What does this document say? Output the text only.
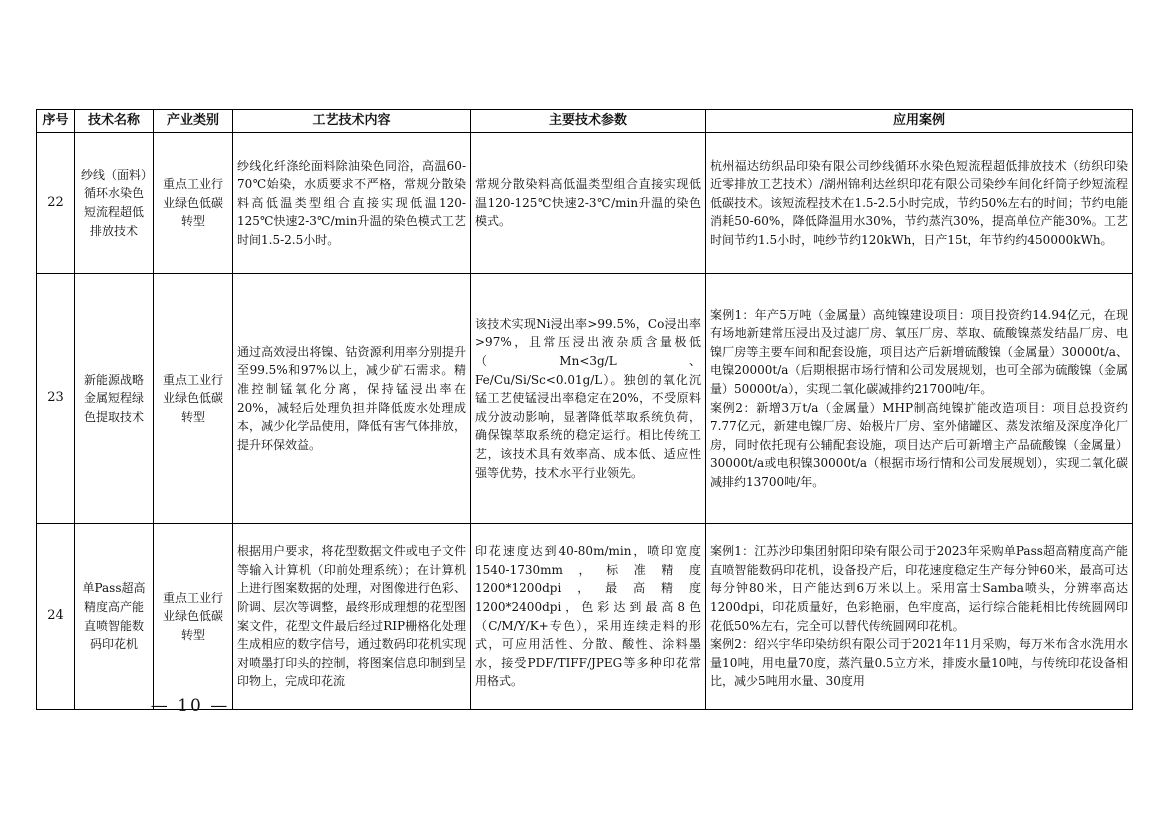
序号	技术名称	产业类别	工艺技术内容	主要技术参数	应用案例
22	纱线（面料）循环水染色短流程超低排放技术	重点工业行业绿色低碳转型	纱线化纤涤纶面料除油染色同浴，高温60-70℃始染，水质要求不严格，常规分散染料高低温类型组合直接实现低温120-125℃快速2-3℃/min升温的染色模式工艺时间1.5-2.5小时。	常规分散染料高低温类型组合直接实现低温120-125℃快速2-3℃/min升温的染色模式。	杭州福达纺织品印染有限公司纱线循环水染色短流程超低排放技术（纺织印染近零排放工艺技术）/湖州锦利达丝织印花有限公司染纱车间化纤筒子纱短流程低碳技术。该短流程技术在1.5-2.5小时完成，节约50%左右的时间；节约电能消耗50-60%，降低降温用水30%，节约蒸汽30%，提高单位产能30%。工艺时间节约1.5小时，吨纱节约120kWh，日产15t，年节约约450000kWh。

23	新能源战略金属短程绿色提取技术	重点工业行业绿色低碳转型	通过高效浸出将镍、钴资源利用率分别提升至99.5%和97%以上，减少矿石需求。精准控制锰氧化分离，保持锰浸出率在20%，减轻后处理负担并降低废水处理成本，减少化学品使用，降低有害气体排放，提升环保效益。	该技术实现Ni浸出率>99.5%，Co浸出率>97%，且常压浸出液杂质含量极低（Mn<3g/L、Fe/Cu/Si/Sc<0.01g/L）。独创的氧化沉锰工艺使锰浸出率稳定在20%，不受原料成分波动影响，显著降低萃取系统负荷，确保镍萃取系统的稳定运行。相比传统工艺，该技术具有效率高、成本低、适应性强等优势，技术水平行业领先。	案例1：年产5万吨（金属量）高纯镍建设项目：项目投资约14.94亿元，在现有场地新建常压浸出及过滤厂房、氧压厂房、萃取、硫酸镍蒸发结晶厂房、电镍厂房等主要车间和配套设施，项目达产后新增硫酸镍（金属量）30000t/a、电镍20000t/a（后期根据市场行情和公司发展规划，也可全部为硫酸镍（金属量）50000t/a），实现二氧化碳减排约21700吨/年。
案例2：新增3万t/a（金属量）MHP制高纯镍扩能改造项目：项目总投资约7.77亿元，新建电镍厂房、始极片厂房、室外储罐区、蒸发浓缩及深度净化厂房，同时依托现有公辅配套设施，项目达产后可新增主产品硫酸镍（金属量）30000t/a或电积镍30000t/a（根据市场行情和公司发展规划），实现二氧化碳减排约13700吨/年。

24	单Pass超高精度高产能直喷智能数码印花机	重点工业行业绿色低碳转型	根据用户要求，将花型数据文件或电子文件等输入计算机（印前处理系统）；在计算机上进行图案数据的处理，对图像进行色彩、阶调、层次等调整，最终形成理想的花型图案文件，花型文件最后经过RIP栅格化处理生成相应的数字信号，通过数码印花机实现对喷墨打印头的控制，将图案信息印制到呈印物上，完成印花流	印花速度达到40-80m/min，喷印宽度1540-1730mm，标准精度1200*1200dpi，最高精度1200*2400dpi，色彩达到最高8色（C/M/Y/K+专色），采用连续走料的形式，可应用活性、分散、酸性、涂料墨水，接受PDF/TIFF/JPEG等多种印花常用格式。	案例1：江苏沙印集团射阳印染有限公司于2023年采购单Pass超高精度高产能直喷智能数码印花机，设备投产后，印花速度稳定生产每分钟60米，最高可达每分钟80米，日产能达到6万米以上。采用富士Samba喷头，分辨率高达1200dpi，印花质量好，色彩艳丽，色牢度高，运行综合能耗相比传统圆网印花低50%左右，完全可以替代传统圆网印花机。
案例2：绍兴宇华印染纺织有限公司于2021年11月采购，每万米布含水洗用水量10吨，用电量70度，蒸汽量0.5立方米，排废水量10吨，与传统印花设备相比，减少5吨用水量、30度用
— 10 —
